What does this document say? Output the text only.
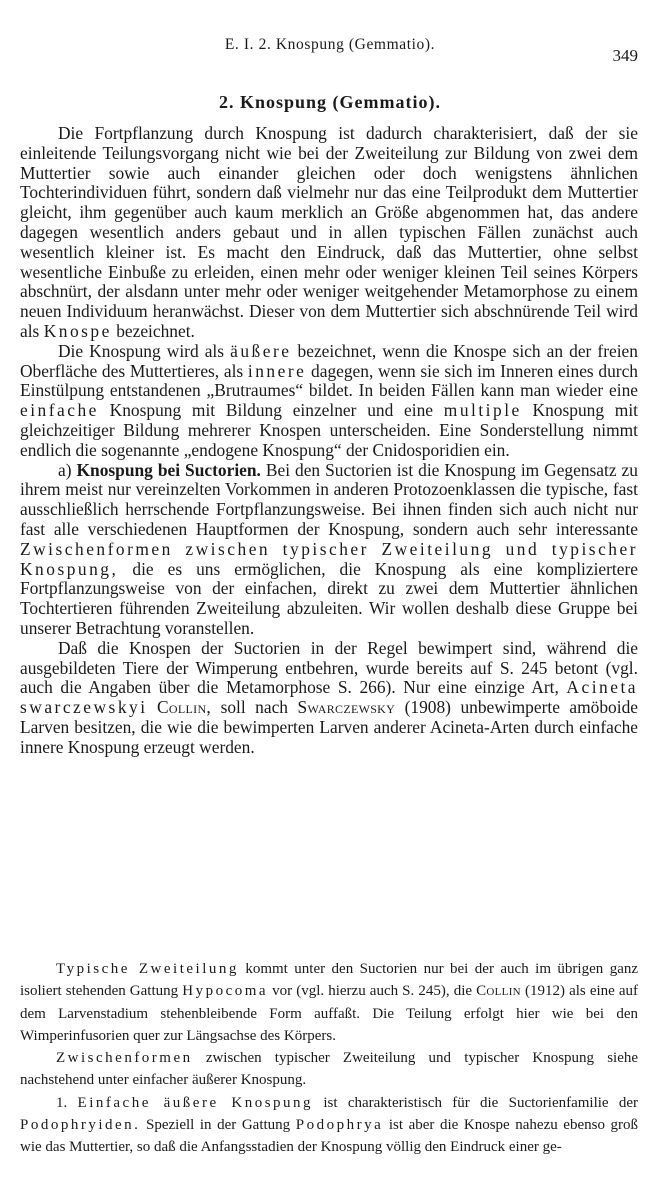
E. I. 2. Knospung (Gemmatio).
349
2. Knospung (Gemmatio).

Die Fortpflanzung durch Knospung ist dadurch charakterisiert, daß der sie einleitende Teilungsvorgang nicht wie bei der Zweiteilung zur Bildung von zwei dem Muttertier sowie auch einander gleichen oder doch wenigstens ähnlichen Tochterindividuen führt, sondern daß vielmehr nur das eine Teilprodukt dem Muttertier gleicht, ihm gegenüber auch kaum merklich an Größe abgenommen hat, das andere dagegen wesentlich anders gebaut und in allen typischen Fällen zunächst auch wesentlich kleiner ist. Es macht den Eindruck, daß das Muttertier, ohne selbst wesentliche Einbuße zu erleiden, einen mehr oder weniger kleinen Teil seines Körpers abschnürt, der alsdann unter mehr oder weniger weitgehender Metamorphose zu einem neuen Individuum heranwächst. Dieser von dem Muttertier sich abschnürende Teil wird als Knospe bezeichnet.

Die Knospung wird als äußere bezeichnet, wenn die Knospe sich an der freien Oberfläche des Muttertieres, als innere dagegen, wenn sie sich im Inneren eines durch Einstülpung entstandenen „Brutraumes“ bildet. In beiden Fällen kann man wieder eine einfache Knospung mit Bildung einzelner und eine multiple Knospung mit gleichzeitiger Bildung mehrerer Knospen unterscheiden. Eine Sonderstellung nimmt endlich die sogenannte „endogene Knospung“ der Cnidosporidien ein.

a) Knospung bei Suctorien. Bei den Suctorien ist die Knospung im Gegensatz zu ihrem meist nur vereinzelten Vorkommen in anderen Protozoenklassen die typische, fast ausschließlich herrschende Fortpflanzungsweise. Bei ihnen finden sich auch nicht nur fast alle verschiedenen Hauptformen der Knospung, sondern auch sehr interessante Zwischenformen zwischen typischer Zweiteilung und typischer Knospung, die es uns ermöglichen, die Knospung als eine kompliziertere Fortpflanzungsweise von der einfachen, direkt zu zwei dem Muttertier ähnlichen Tochtertieren führenden Zweiteilung abzuleiten. Wir wollen deshalb diese Gruppe bei unserer Betrachtung voranstellen.

Daß die Knospen der Suctorien in der Regel bewimpert sind, während die ausgebildeten Tiere der Wimperung entbehren, wurde bereits auf S. 245 betont (vgl. auch die Angaben über die Metamorphose S. 266). Nur eine einzige Art, Acineta swarczewskyi Collin, soll nach Swarczewsky (1908) unbewimperte amöboide Larven besitzen, die wie die bewimperten Larven anderer Acineta-Arten durch einfache innere Knospung erzeugt werden.

Typische Zweiteilung kommt unter den Suctorien nur bei der auch im übrigen ganz isoliert stehenden Gattung Hypocoma vor (vgl. hierzu auch S. 245), die Collin (1912) als eine auf dem Larvenstadium stehenbleibende Form auffaßt. Die Teilung erfolgt hier wie bei den Wimperinfusorien quer zur Längsachse des Körpers.

Zwischenformen zwischen typischer Zweiteilung und typischer Knospung siehe nachstehend unter einfacher äußerer Knospung.

1. Einfache äußere Knospung ist charakteristisch für die Suctorienfamilie der Podophryiden. Speziell in der Gattung Podophrya ist aber die Knospe nahezu ebenso groß wie das Muttertier, so daß die Anfangsstadien der Knospung völlig den Eindruck einer ge-
